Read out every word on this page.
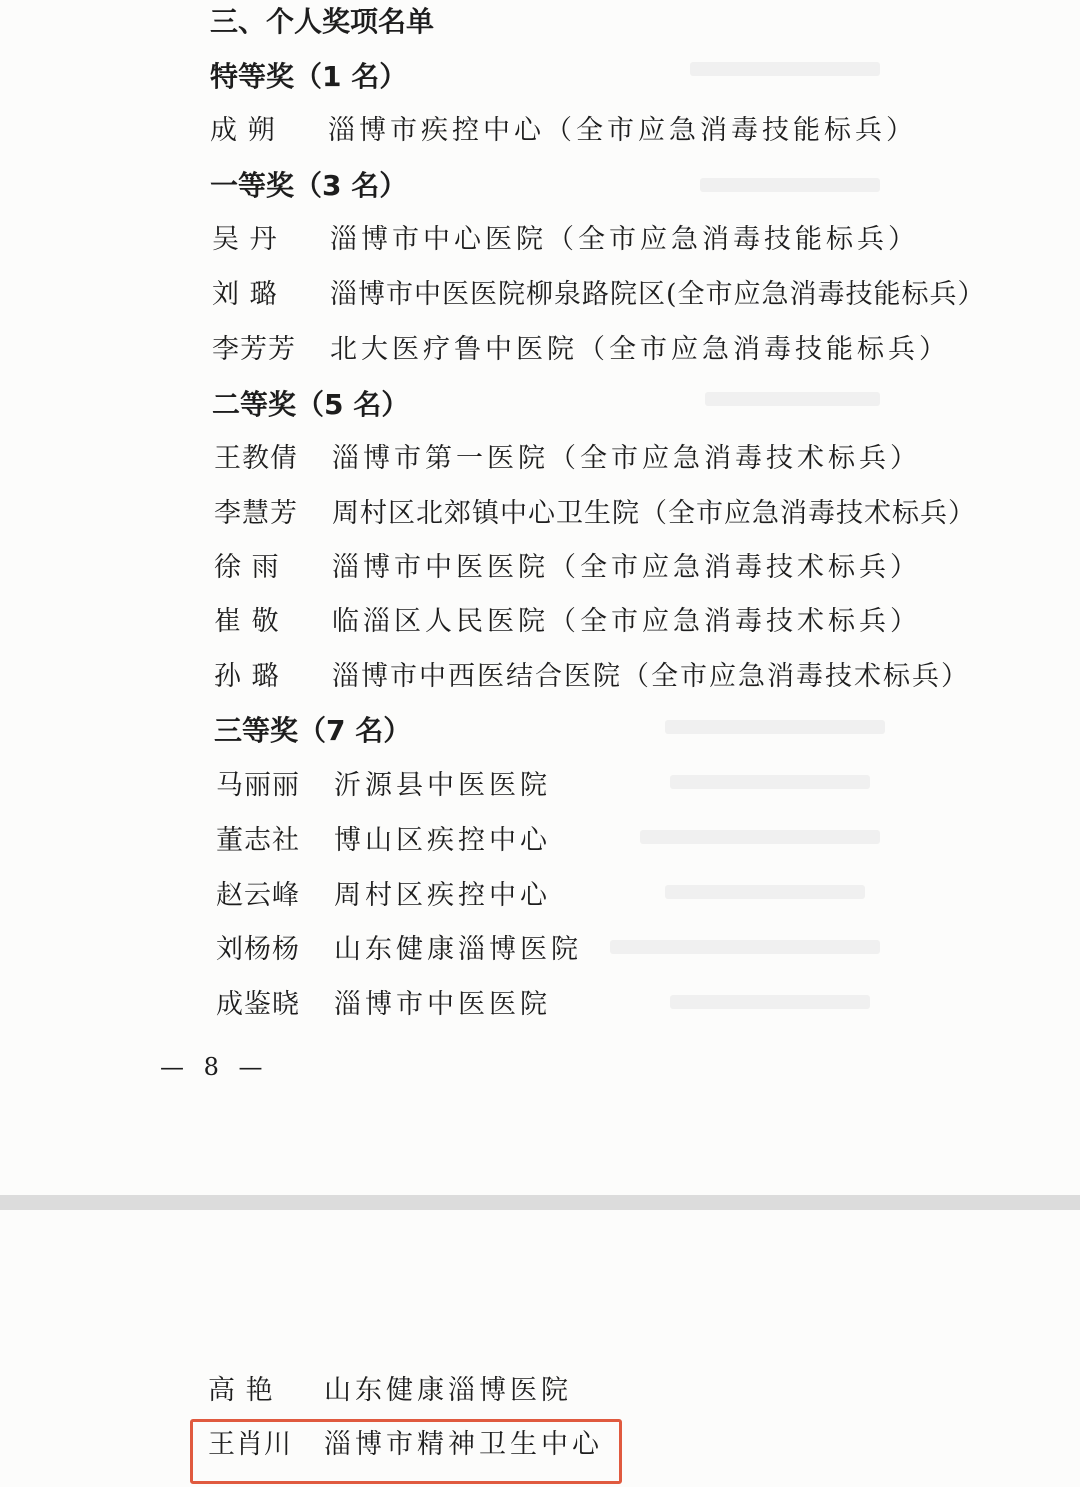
三、个人奖项名单
特等奖（1 名）
成 朔 淄博市疾控中心（全市应急消毒技能标兵）
一等奖（3 名）
吴 丹 淄博市中心医院（全市应急消毒技能标兵）
刘 璐 淄博市中医医院柳泉路院区(全市应急消毒技能标兵）
李芳芳 北大医疗鲁中医院（全市应急消毒技能标兵）
二等奖（5 名）
王教倩 淄博市第一医院（全市应急消毒技术标兵）
李慧芳 周村区北郊镇中心卫生院（全市应急消毒技术标兵）
徐 雨 淄博市中医医院（全市应急消毒技术标兵）
崔 敬 临淄区人民医院（全市应急消毒技术标兵）
孙 璐 淄博市中西医结合医院（全市应急消毒技术标兵）
三等奖（7 名）
马丽丽 沂源县中医医院
董志社 博山区疾控中心
赵云峰 周村区疾控中心
刘杨杨 山东健康淄博医院
成鉴晓 淄博市中医医院
— 8 —
高 艳 山东健康淄博医院
王肖川 淄博市精神卫生中心
